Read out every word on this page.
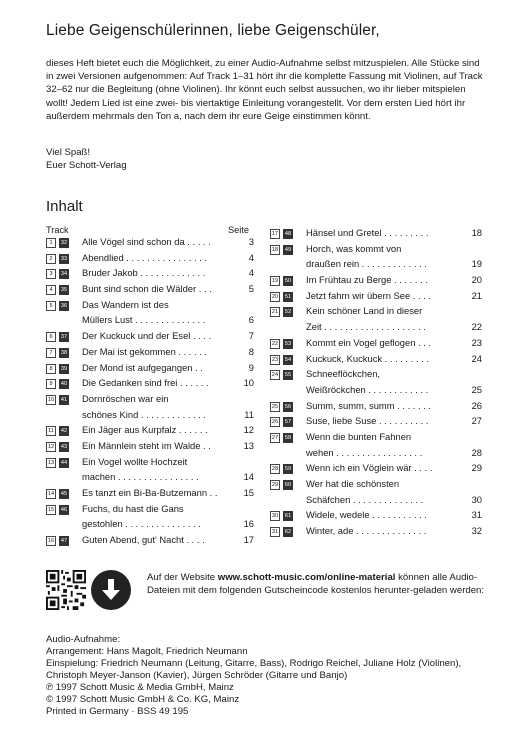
Liebe Geigenschülerinnen, liebe Geigenschüler,

dieses Heft bietet euch die Möglichkeit, zu einer Audio-Aufnahme selbst mitzuspielen. Alle Stücke sind in zwei Versionen aufgenommen: Auf Track 1–31 hört ihr die komplette Fassung mit Violinen, auf Track 32–62 nur die Begleitung (ohne Violinen). Ihr könnt euch selbst aussuchen, wo ihr lieber mitspielen wollt! Jedem Lied ist eine zwei- bis viertaktige Einleitung vorangestellt. Vor dem ersten Lied hört ihr außerdem mehrmals den Ton a, nach dem ihr eure Geige einstimmen könnt.

Viel Spaß!
Euer Schott-Verlag
Inhalt
Track	Seite
1	32 Alle Vögel sind schon da . . . . .	3
2	33 Abendlied . . . . . . . . . . . . . . . .	4
3	34 Bruder Jakob . . . . . . . . . . . . .	4
4	35 Bunt sind schon die Wälder . . .	5
5	36 Das Wandern ist des
Müllers Lust . . . . . . . . . . . . . .	6
6	37 Der Kuckuck und der Esel . . . .	7
7	38 Der Mai ist gekommen . . . . . .	8
8	39 Der Mond ist aufgegangen . .	9
9	40 Die Gedanken sind frei . . . . . .	10
10	41 Dornröschen war ein
schönes Kind . . . . . . . . . . . . .	11
11	42 Ein Jäger aus Kurpfalz . . . . . .	12
12	43 Ein Männlein steht im Walde . .	13
13	44 Ein Vogel wollte Hochzeit
machen . . . . . . . . . . . . . . . .	14
14	45 Es tanzt ein Bi-Ba-Butzemann . .	15
15	46 Fuchs, du hast die Gans
gestohlen . . . . . . . . . . . . . . .	16
16	47 Guten Abend, gut' Nacht . . . .	17
17	48 Hänsel und Gretel . . . . . . . . .	18
18	49 Horch, was kommt von
draußen rein . . . . . . . . . . . . .	19
19	50 Im Frühtau zu Berge . . . . . . .	20
20	51 Jetzt fahrn wir übern See . . . .	21
21	52 Kein schöner Land in dieser
Zeit . . . . . . . . . . . . . . . . . . . .	22
22	53 Kommt ein Vogel geflogen . . .	23
23	54 Kuckuck, Kuckuck . . . . . . . . .	24
24	55 Schneeflöckchen,
Weißröckchen . . . . . . . . . . . .	25
25	56 Summ, summ, summ . . . . . . .	26
26	57 Suse, liebe Suse . . . . . . . . . .	27
27	58 Wenn die bunten Fahnen
wehen . . . . . . . . . . . . . . . . .	28
28	59 Wenn ich ein Vöglein wär . . . .	29
29	60 Wer hat die schönsten
Schäfchen . . . . . . . . . . . . . .	30
30	61 Widele, wedele . . . . . . . . . . .	31
31	62 Winter, ade . . . . . . . . . . . . . .	32

Auf der Website www.schott-music.com/online-material können alle Audio-Dateien mit dem folgenden Gutscheincode kostenlos herunter-geladen werden:

Audio-Aufnahme:
Arrangement: Hans Magolt, Friedrich Neumann
Einspielung: Friedrich Neumann (Leitung, Gitarre, Bass), Rodrigo Reichel, Juliane Holz (Violinen), Christoph Meyer-Janson (Kavier), Jürgen Schröder (Gitarre und Banjo)
℗ 1997 Schott Music & Media GmbH, Mainz
© 1997 Schott Music GmbH & Co. KG, Mainz
Printed in Germany · BSS 49 195
